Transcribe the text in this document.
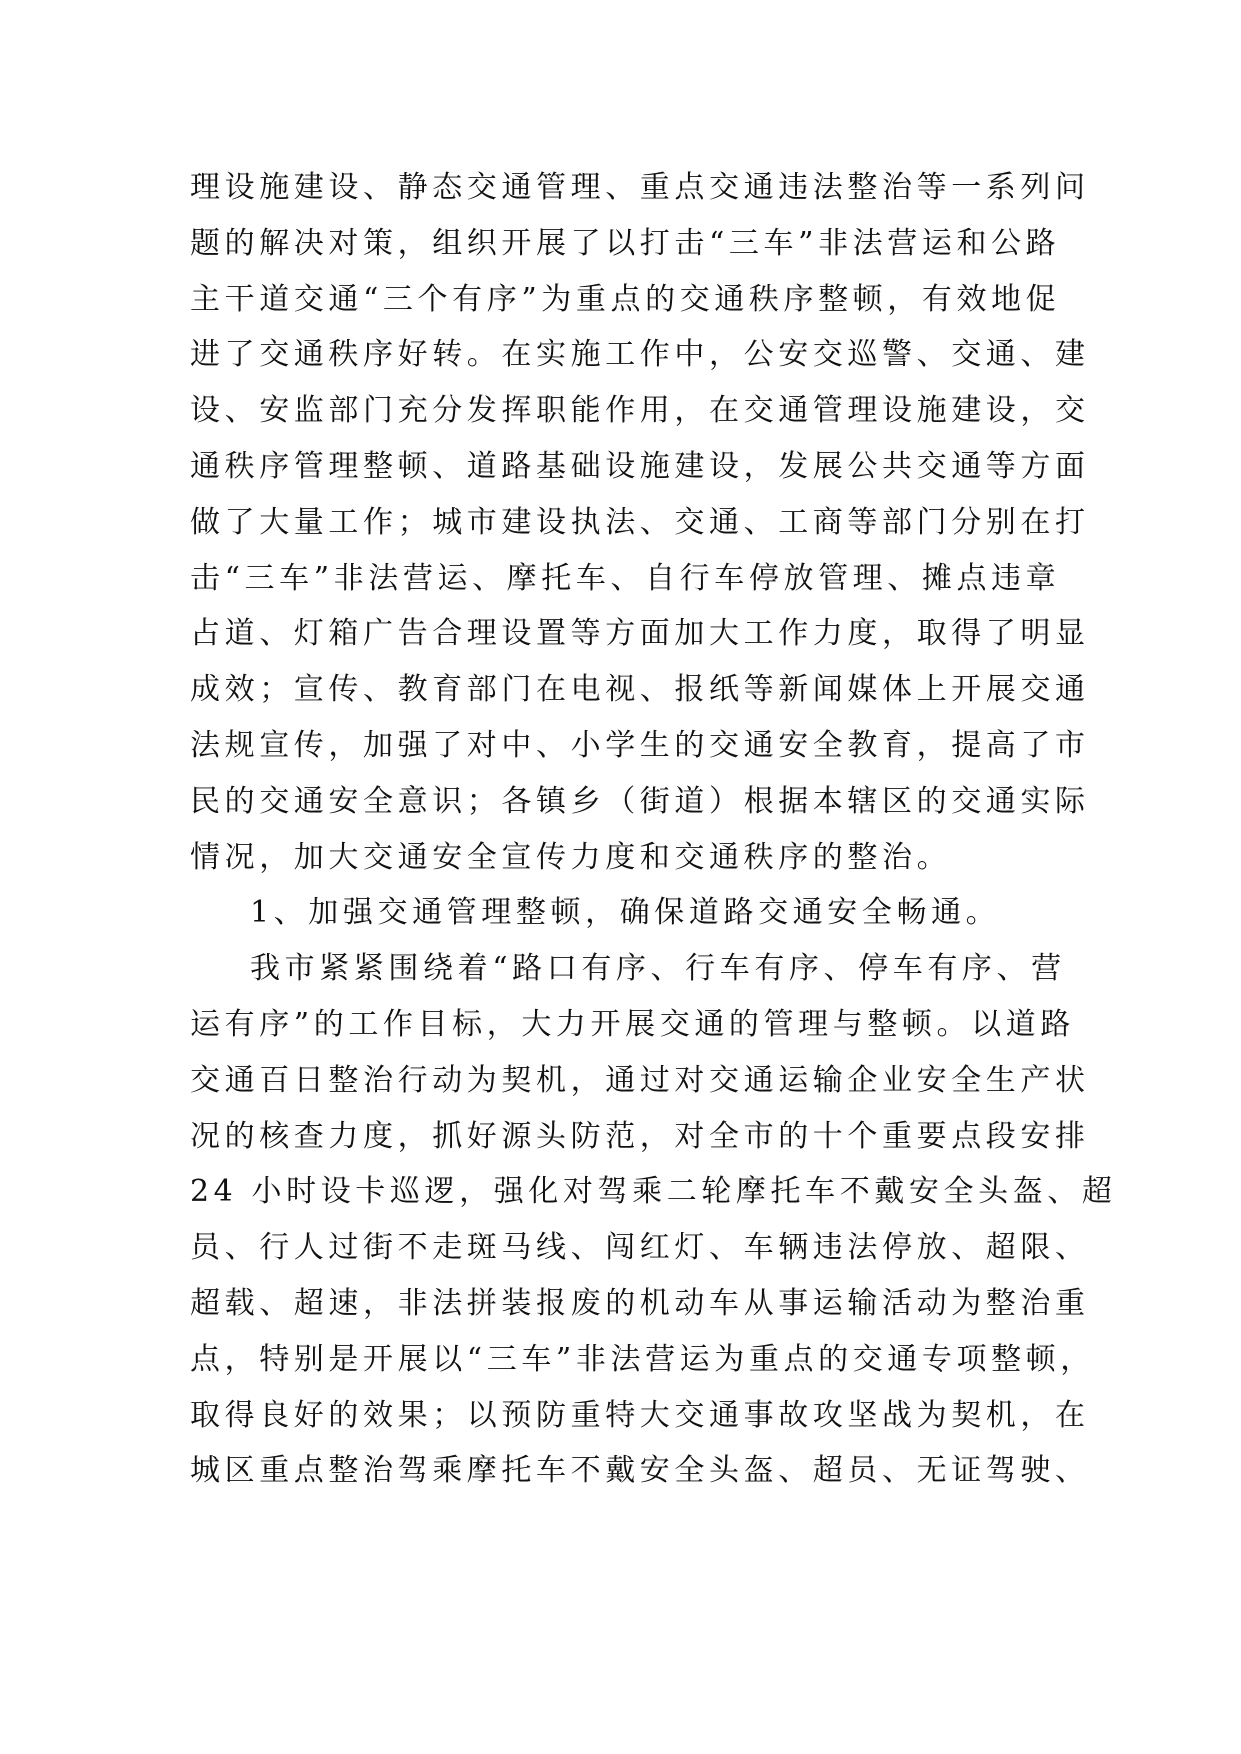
理设施建设、静态交通管理、重点交通违法整治等一系列问
题的解决对策，组织开展了以打击“三车”非法营运和公路
主干道交通“三个有序”为重点的交通秩序整顿，有效地促
进了交通秩序好转。在实施工作中，公安交巡警、交通、建
设、安监部门充分发挥职能作用，在交通管理设施建设，交
通秩序管理整顿、道路基础设施建设，发展公共交通等方面
做了大量工作；城市建设执法、交通、工商等部门分别在打
击“三车”非法营运、摩托车、自行车停放管理、摊点违章
占道、灯箱广告合理设置等方面加大工作力度，取得了明显
成效；宣传、教育部门在电视、报纸等新闻媒体上开展交通
法规宣传，加强了对中、小学生的交通安全教育，提高了市
民的交通安全意识；各镇乡（街道）根据本辖区的交通实际
情况，加大交通安全宣传力度和交通秩序的整治。
1、加强交通管理整顿，确保道路交通安全畅通。
我市紧紧围绕着“路口有序、行车有序、停车有序、营
运有序”的工作目标，大力开展交通的管理与整顿。以道路
交通百日整治行动为契机，通过对交通运输企业安全生产状
况的核查力度，抓好源头防范，对全市的十个重要点段安排
24 小时设卡巡逻，强化对驾乘二轮摩托车不戴安全头盔、超
员、行人过街不走斑马线、闯红灯、车辆违法停放、超限、
超载、超速，非法拼装报废的机动车从事运输活动为整治重
点，特别是开展以“三车”非法营运为重点的交通专项整顿，
取得良好的效果；以预防重特大交通事故攻坚战为契机，在
城区重点整治驾乘摩托车不戴安全头盔、超员、无证驾驶、
